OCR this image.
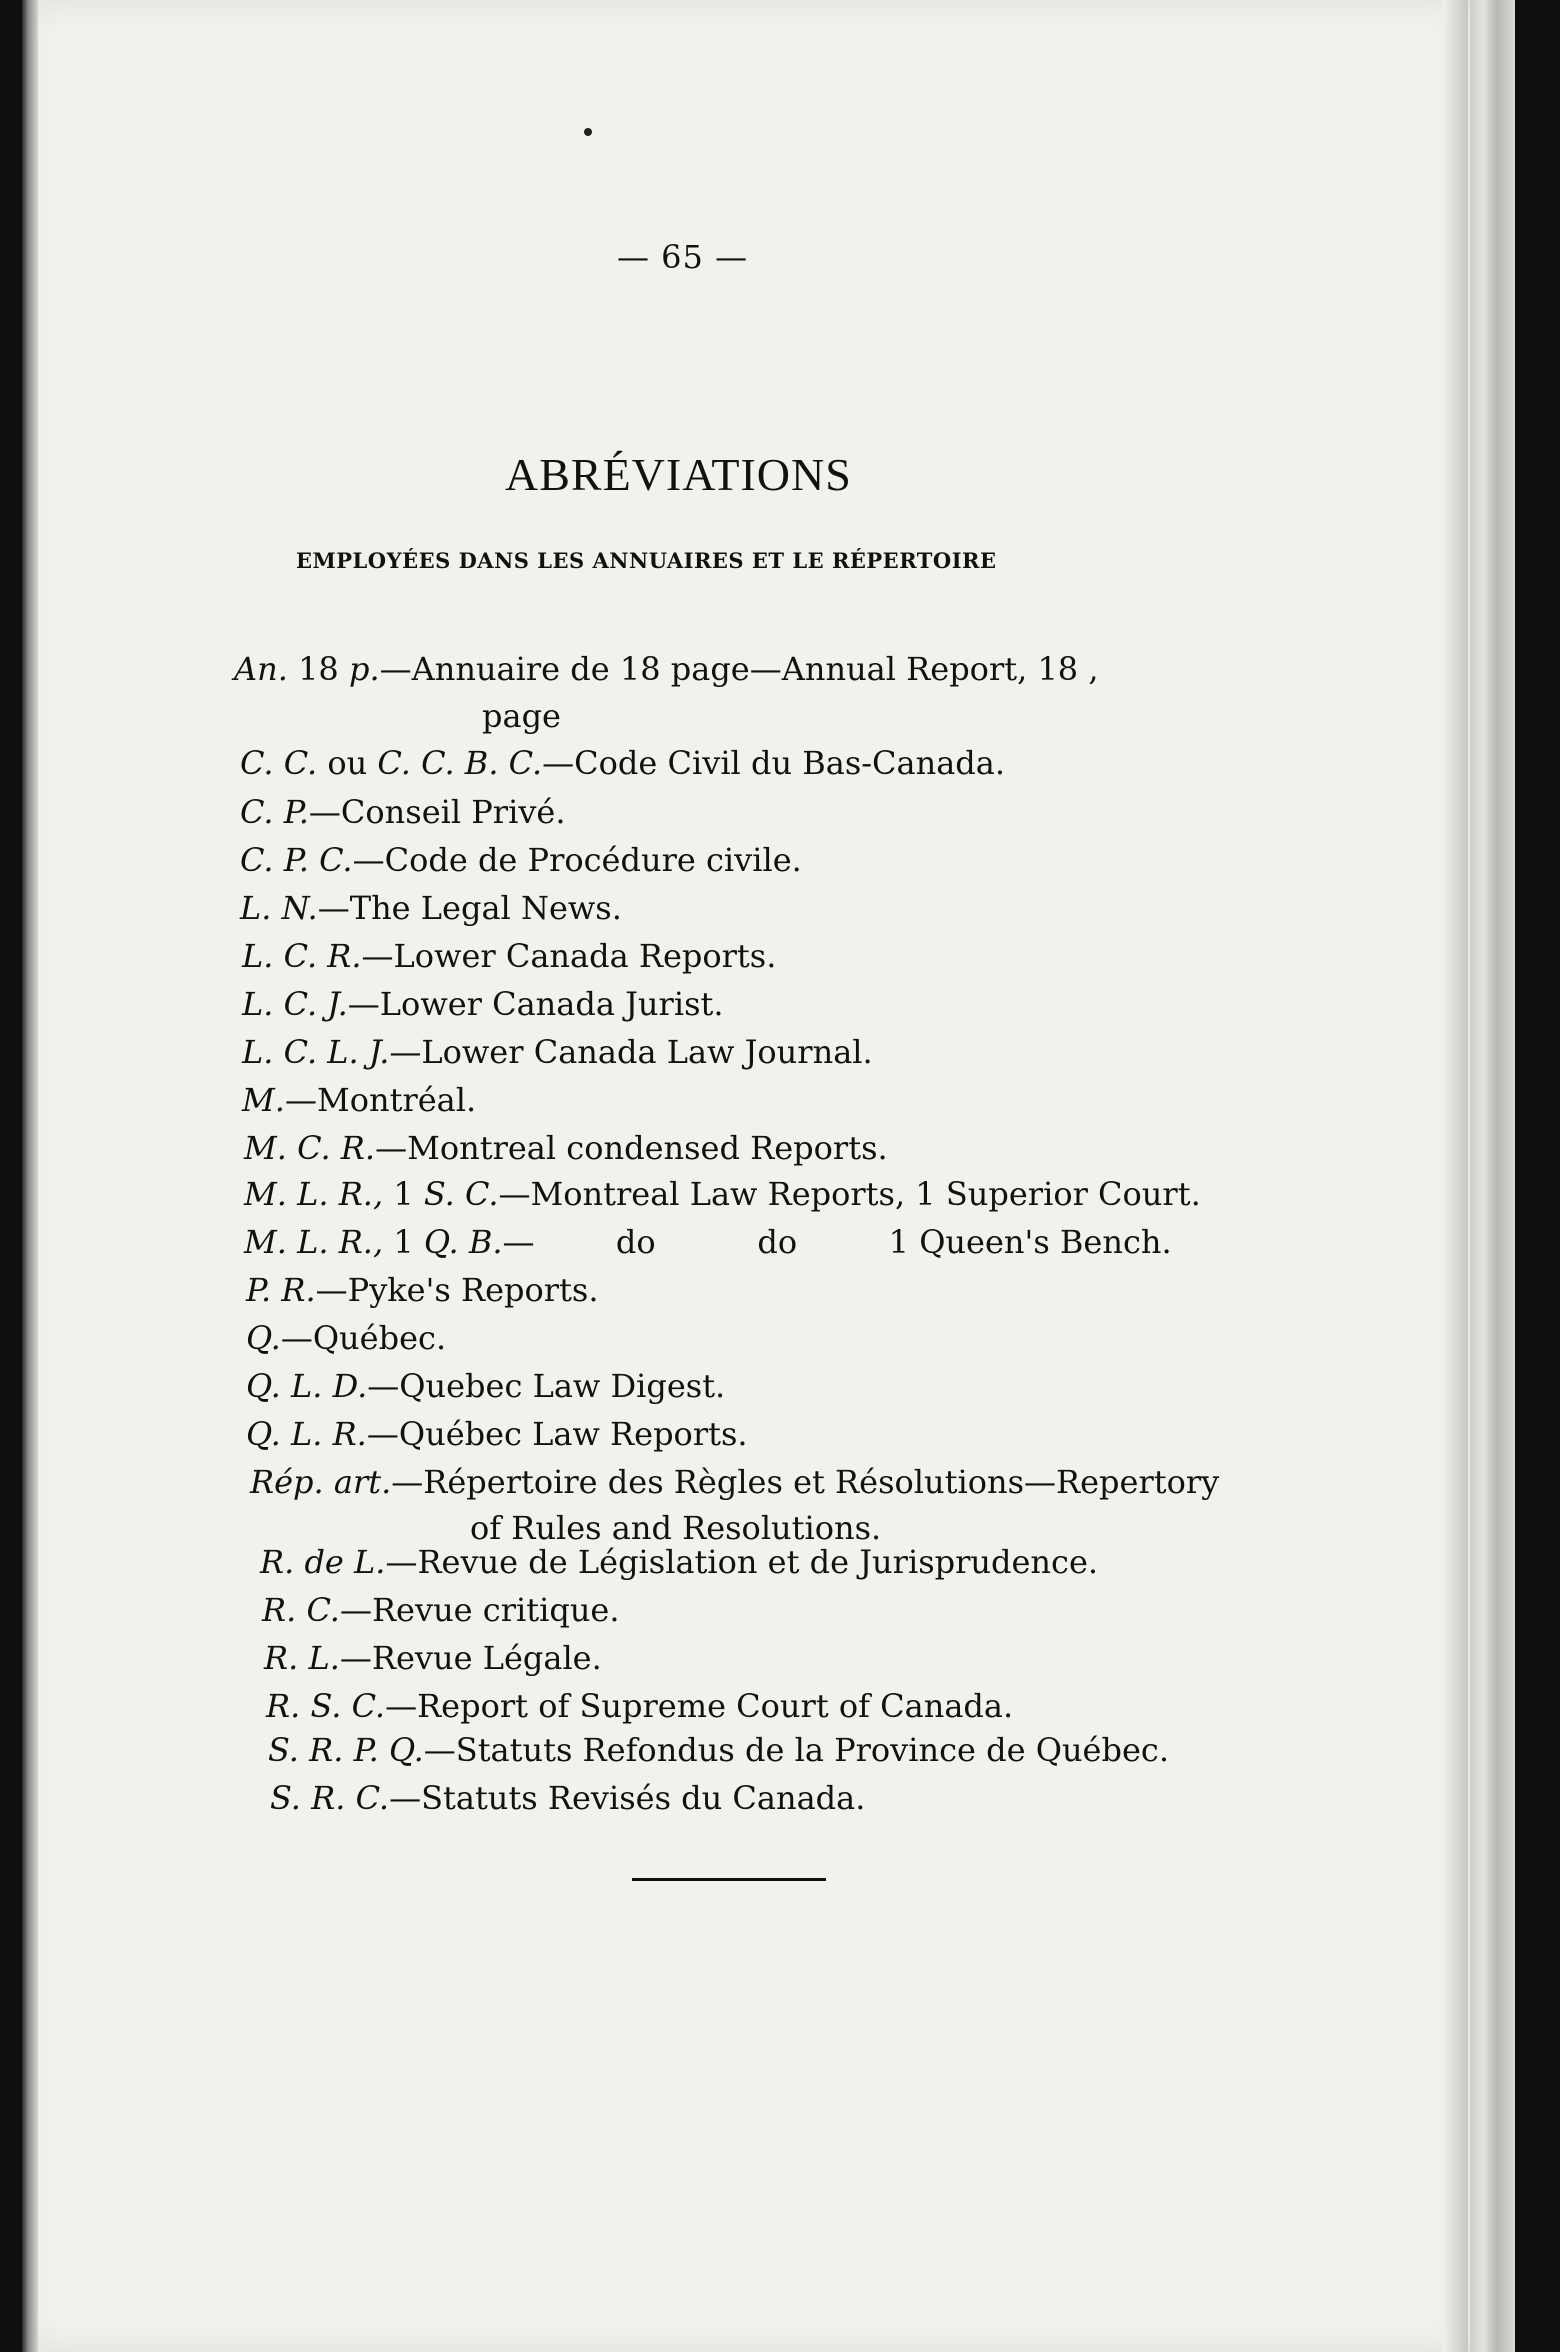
— 65 —
ABRÉVIATIONS
EMPLOYÉES DANS LES ANNUAIRES ET LE RÉPERTOIRE
An. 18 p.—Annuaire de 18 page—Annual Report, 18 ,
page
C. C. ou C. C. B. C.—Code Civil du Bas-Canada.
C. P.—Conseil Privé.
C. P. C.—Code de Procédure civile.
L. N.—The Legal News.
L. C. R.—Lower Canada Reports.
L. C. J.—Lower Canada Jurist.
L. C. L. J.—Lower Canada Law Journal.
M.—Montréal.
M. C. R.—Montreal condensed Reports.
M. L. R., 1 S. C.—Montreal Law Reports, 1 Superior Court.
M. L. R., 1 Q. B.—        do          do         1 Queen's Bench.
P. R.—Pyke's Reports.
Q.—Québec.
Q. L. D.—Quebec Law Digest.
Q. L. R.—Québec Law Reports.
Rép. art.—Répertoire des Règles et Résolutions—Repertory
of Rules and Resolutions.
R. de L.—Revue de Législation et de Jurisprudence.
R. C.—Revue critique.
R. L.—Revue Légale.
R. S. C.—Report of Supreme Court of Canada.
S. R. P. Q.—Statuts Refondus de la Province de Québec.
S. R. C.—Statuts Revisés du Canada.
